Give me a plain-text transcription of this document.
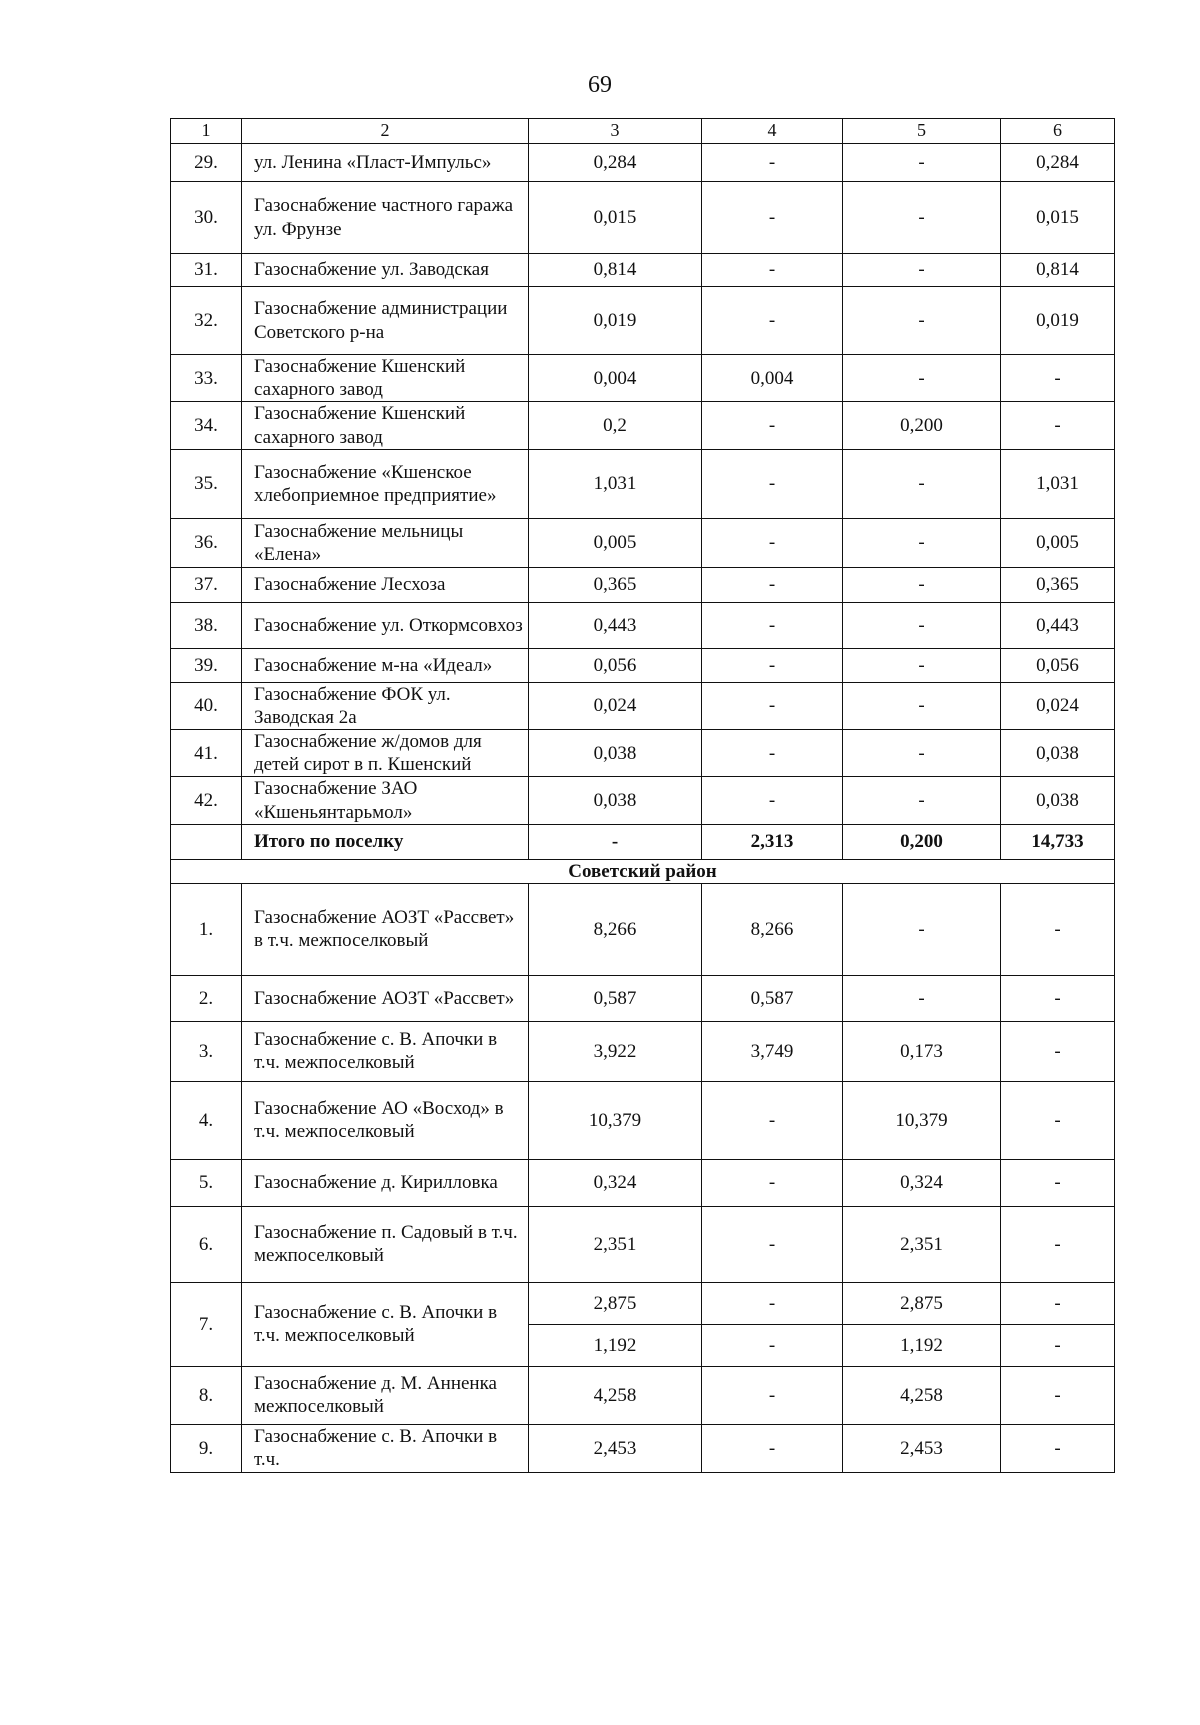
69
1	2	3	4	5	6
29.	ул. Ленина «Пласт-Импульс»	0,284	-	-	0,284
30.	Газоснабжение частного гаража ул. Фрунзе	0,015	-	-	0,015
31.	Газоснабжение ул. Заводская	0,814	-	-	0,814
32.	Газоснабжение администрации Советского р-на	0,019	-	-	0,019
33.	Газоснабжение Кшенский сахарного завод	0,004	0,004	-	-
34.	Газоснабжение Кшенский сахарного завод	0,2	-	0,200	-
35.	Газоснабжение «Кшенское хлебоприемное предприятие»	1,031	-	-	1,031
36.	Газоснабжение мельницы «Елена»	0,005	-	-	0,005
37.	Газоснабжение Лесхоза	0,365	-	-	0,365
38.	Газоснабжение ул. Откормсовхоз	0,443	-	-	0,443
39.	Газоснабжение м-на «Идеал»	0,056	-	-	0,056
40.	Газоснабжение ФОК ул. Заводская 2а	0,024	-	-	0,024
41.	Газоснабжение ж/домов для детей сирот в п. Кшенский	0,038	-	-	0,038
42.	Газоснабжение ЗАО «Кшеньянтарьмол»	0,038	-	-	0,038
	Итого по поселку	-	2,313	0,200	14,733
Советский район					
1.	Газоснабжение АОЗТ «Рассвет» в т.ч. межпоселковый	8,266	8,266	-	-
2.	Газоснабжение АОЗТ «Рассвет»	0,587	0,587	-	-
3.	Газоснабжение с. В. Апочки в т.ч. межпоселковый	3,922	3,749	0,173	-
4.	Газоснабжение АО «Восход» в т.ч. межпоселковый	10,379	-	10,379	-
5.	Газоснабжение д. Кирилловка	0,324	-	0,324	-
6.	Газоснабжение п. Садовый в т.ч. межпоселковый	2,351	-	2,351	-
7.	Газоснабжение с. В. Апочки в т.ч. межпоселковый	2,875	-	2,875	-
		1,192	-	1,192	-
8.	Газоснабжение д. М. Анненка межпоселковый	4,258	-	4,258	-
9.	Газоснабжение с. В. Апочки в т.ч.	2,453	-	2,453	-
